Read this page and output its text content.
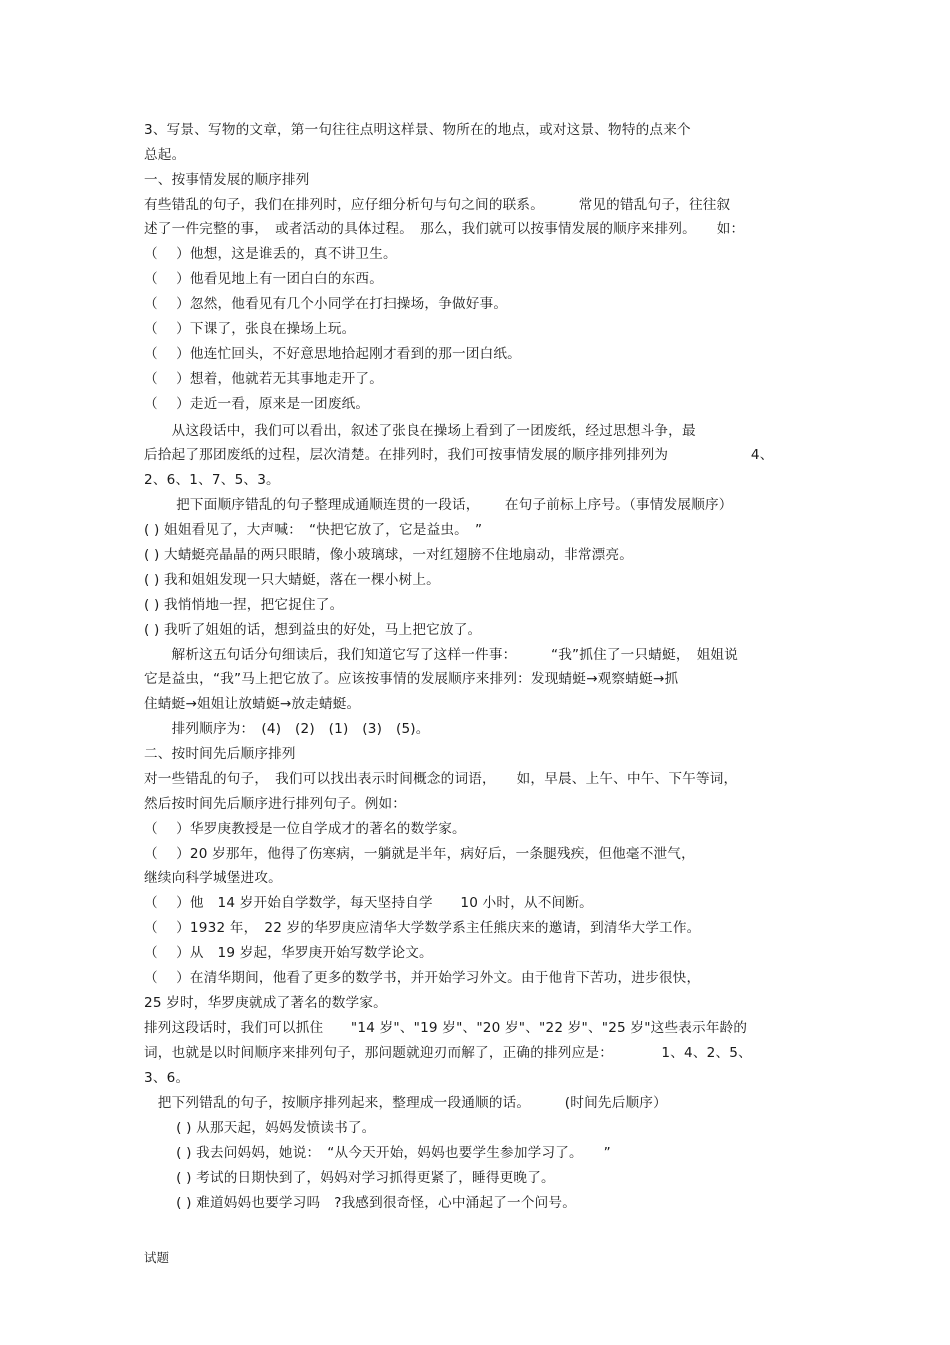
3、写景、写物的文章，第一句往往点明这样景、物所在的地点，或对这景、物特的点来个
总起。
一、按事情发展的顺序排列
有些错乱的句子，我们在排列时，应仔细分析句与句之间的联系。　　　常见的错乱句子，往往叙
述了一件完整的事，　或者活动的具体过程。　那么，我们就可以按事情发展的顺序来排列。　　如：
（　 ）他想，这是谁丢的，真不讲卫生。
（　 ）他看见地上有一团白白的东西。
（　 ）忽然，他看见有几个小同学在打扫操场，争做好事。
（　 ）下课了，张良在操场上玩。
（　 ）他连忙回头，不好意思地拾起刚才看到的那一团白纸。
（　 ）想着，他就若无其事地走开了。
（　 ）走近一看，原来是一团废纸。
　　从这段话中，我们可以看出，叙述了张良在操场上看到了一团废纸，经过思想斗争，最
后拾起了那团废纸的过程，层次清楚。在排列时，我们可按事情发展的顺序排列排列为　　　　　　4、
2、6、1、7、5、3。
　　 把下面顺序错乱的句子整理成通顺连贯的一段话，　　 在句子前标上序号。（事情发展顺序）
( ) 姐姐看见了，大声喊：　“快把它放了，它是益虫。　”
( ) 大蜻蜓亮晶晶的两只眼睛，像小玻璃球，一对红翅膀不住地扇动，非常漂亮。
( ) 我和姐姐发现一只大蜻蜓，落在一棵小树上。
( ) 我悄悄地一捏，把它捉住了。
( ) 我听了姐姐的话，想到益虫的好处，马上把它放了。
　　解析这五句话分句细读后，我们知道它写了这样一件事：　　　“我”抓住了一只蜻蜓，　姐姐说
它是益虫，“我”马上把它放了。应该按事情的发展顺序来排列：发现蜻蜓→观察蜻蜓→抓
住蜻蜓→姐姐让放蜻蜓→放走蜻蜓。
　　排列顺序为：　(4)　(2)　(1)　(3)　(5)。
二、按时间先后顺序排列
对一些错乱的句子，　我们可以找出表示时间概念的词语，　　如，早晨、上午、中午、下午等词，
然后按时间先后顺序进行排列句子。例如：
（　 ）华罗庚教授是一位自学成才的著名的数学家。
（　 ）20 岁那年，他得了伤寒病，一躺就是半年，病好后，一条腿残疾，但他毫不泄气，
继续向科学城堡进攻。
（　 ）他　14 岁开始自学数学，每天坚持自学　　10 小时，从不间断。
（　 ）1932 年，　22 岁的华罗庚应清华大学数学系主任熊庆来的邀请，到清华大学工作。
（　 ）从　19 岁起，华罗庚开始写数学论文。
（　 ）在清华期间，他看了更多的数学书，并开始学习外文。由于他肯下苦功，进步很快，
25 岁时，华罗庚就成了著名的数学家。
排列这段话时，我们可以抓住　　"14 岁"、"19 岁"、"20 岁"、"22 岁"、"25 岁"这些表示年龄的
词，也就是以时间顺序来排列句子，那问题就迎刃而解了，正确的排列应是：　　　　1、4、2、5、
3、6。
　把下列错乱的句子，按顺序排列起来，整理成一段通顺的话。　　　(时间先后顺序）
　　 ( ) 从那天起，妈妈发愤读书了。
　　 ( ) 我去问妈妈，她说：　“从今天开始，妈妈也要学生参加学习了。　　”
　　 ( ) 考试的日期快到了，妈妈对学习抓得更紧了，睡得更晚了。
　　 ( ) 难道妈妈也要学习吗　?我感到很奇怪，心中涌起了一个问号。
试题
